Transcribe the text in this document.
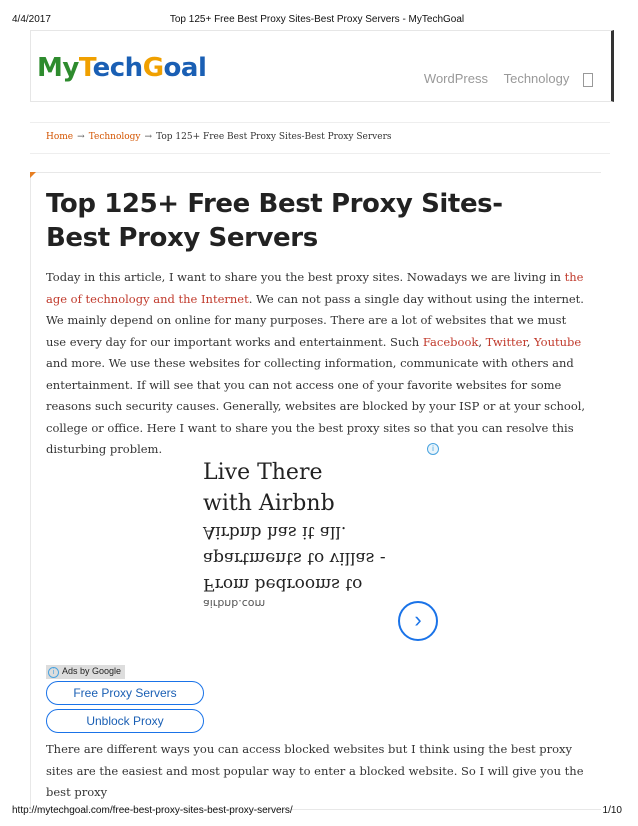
4/4/2017	Top 125+ Free Best Proxy Sites-Best Proxy Servers - MyTechGoal
MyTechGoal	WordPress Technology
Home → Technology → Top 125+ Free Best Proxy Sites-Best Proxy Servers
Top 125+ Free Best Proxy Sites-Best Proxy Servers
Today in this article, I want to share you the best proxy sites. Nowadays we are living in the age of technology and the Internet. We can not pass a single day without using the internet. We mainly depend on online for many purposes. There are a lot of websites that we must use every day for our important works and entertainment. Such Facebook, Twitter, Youtube and more. We use these websites for collecting information, communicate with others and entertainment. If will see that you can not access one of your favorite websites for some reasons such security causes. Generally, websites are blocked by your ISP or at your school, college or office. Here I want to share you the best proxy sites so that you can resolve this disturbing problem.	i
Live There
with Airbnb
From bedrooms to
apartments to villas -
Airbnb has it all.
airbnb.com
›
i Ads by Google
Free Proxy Servers
Unblock Proxy
There are different ways you can access blocked websites but I think using the best proxy sites are the easiest and most popular way to enter a blocked website. So I will give you the best proxy
http://mytechgoal.com/free-best-proxy-sites-best-proxy-servers/	1/10
